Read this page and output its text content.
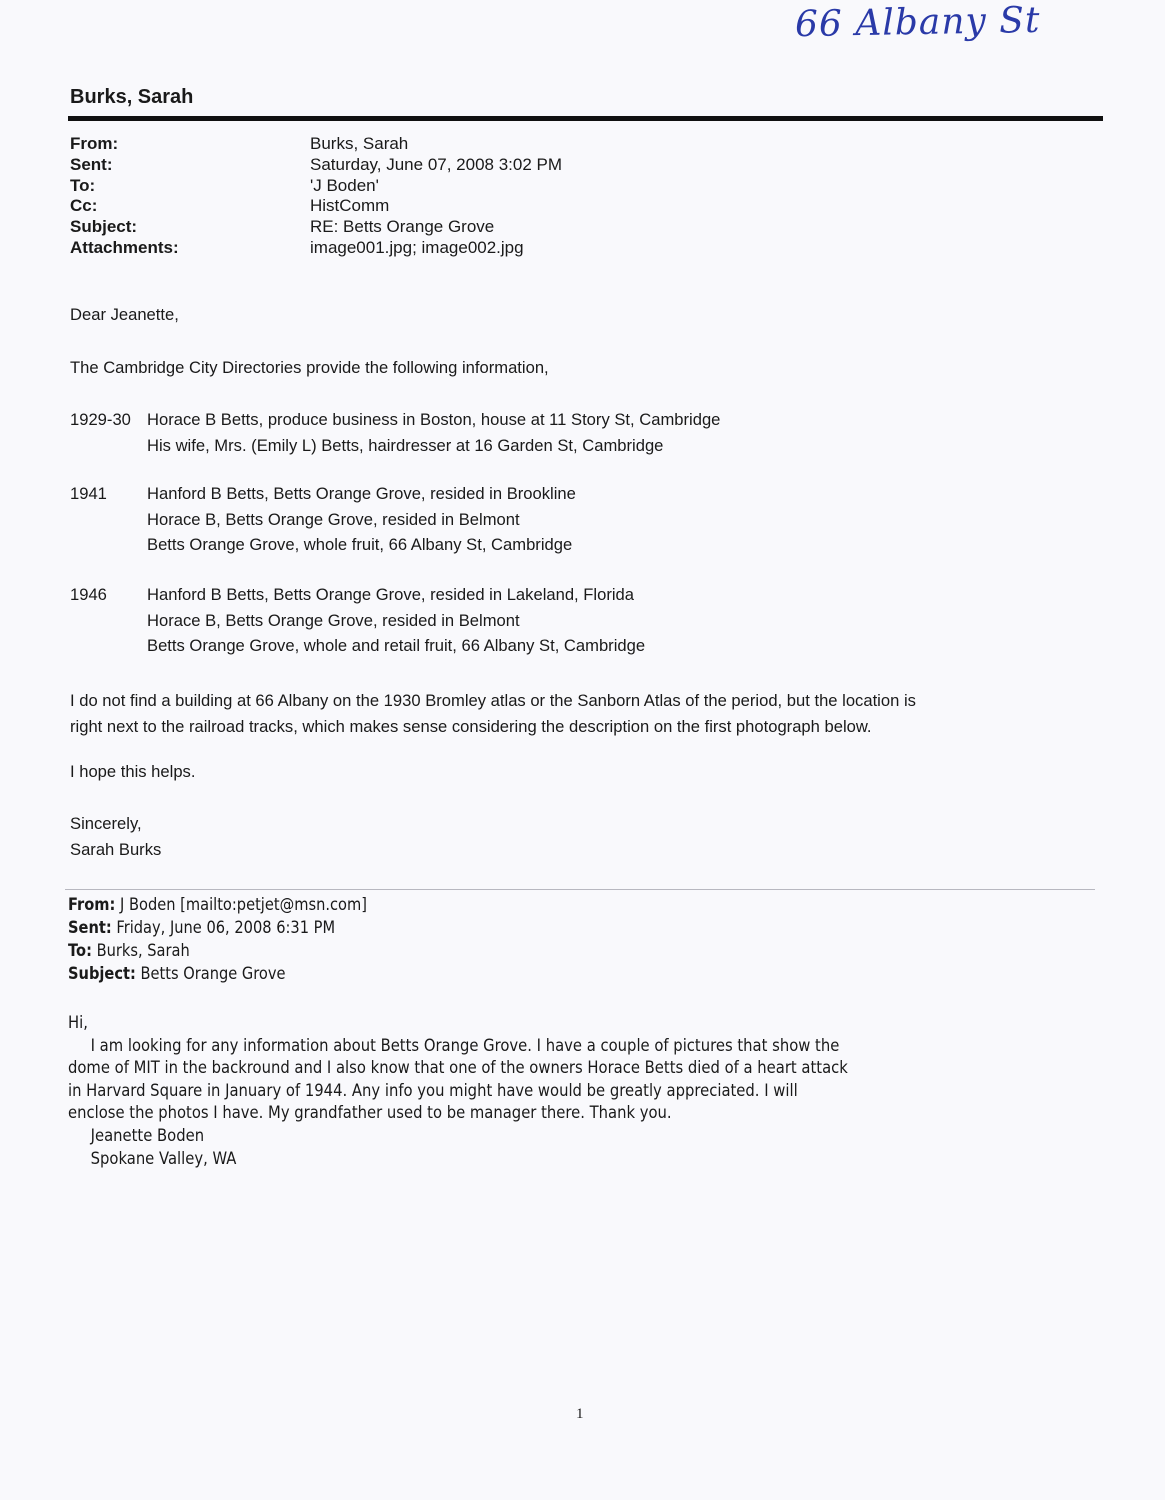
66 Albany St
Burks, Sarah
From:	Burks, Sarah
Sent:	Saturday, June 07, 2008 3:02 PM
To:	'J Boden'
Cc:	HistComm
Subject:	RE: Betts Orange Grove
Attachments:	image001.jpg; image002.jpg
Dear Jeanette,
The Cambridge City Directories provide the following information,
1929-30 Horace B Betts, produce business in Boston, house at 11 Story St, Cambridge
His wife, Mrs. (Emily L) Betts, hairdresser at 16 Garden St, Cambridge
1941	Hanford B Betts, Betts Orange Grove, resided in Brookline
Horace B, Betts Orange Grove, resided in Belmont
Betts Orange Grove, whole fruit, 66 Albany St, Cambridge
1946	Hanford B Betts, Betts Orange Grove, resided in Lakeland, Florida
Horace B, Betts Orange Grove, resided in Belmont
Betts Orange Grove, whole and retail fruit, 66 Albany St, Cambridge
I do not find a building at 66 Albany on the 1930 Bromley atlas or the Sanborn Atlas of the period, but the location is
right next to the railroad tracks, which makes sense considering the description on the first photograph below.
I hope this helps.
Sincerely,
Sarah Burks
From: J Boden [mailto:petjet@msn.com]
Sent: Friday, June 06, 2008 6:31 PM
To: Burks, Sarah
Subject: Betts Orange Grove

Hi,

I am looking for any information about Betts Orange Grove. I have a couple of pictures that show the

dome of MIT in the backround and I also know that one of the owners Horace Betts died of a heart attack

in Harvard Square in January of 1944. Any info you might have would be greatly appreciated. I will

enclose the photos I have. My grandfather used to be manager there. Thank you.

Jeanette Boden

Spokane Valley, WA

1
